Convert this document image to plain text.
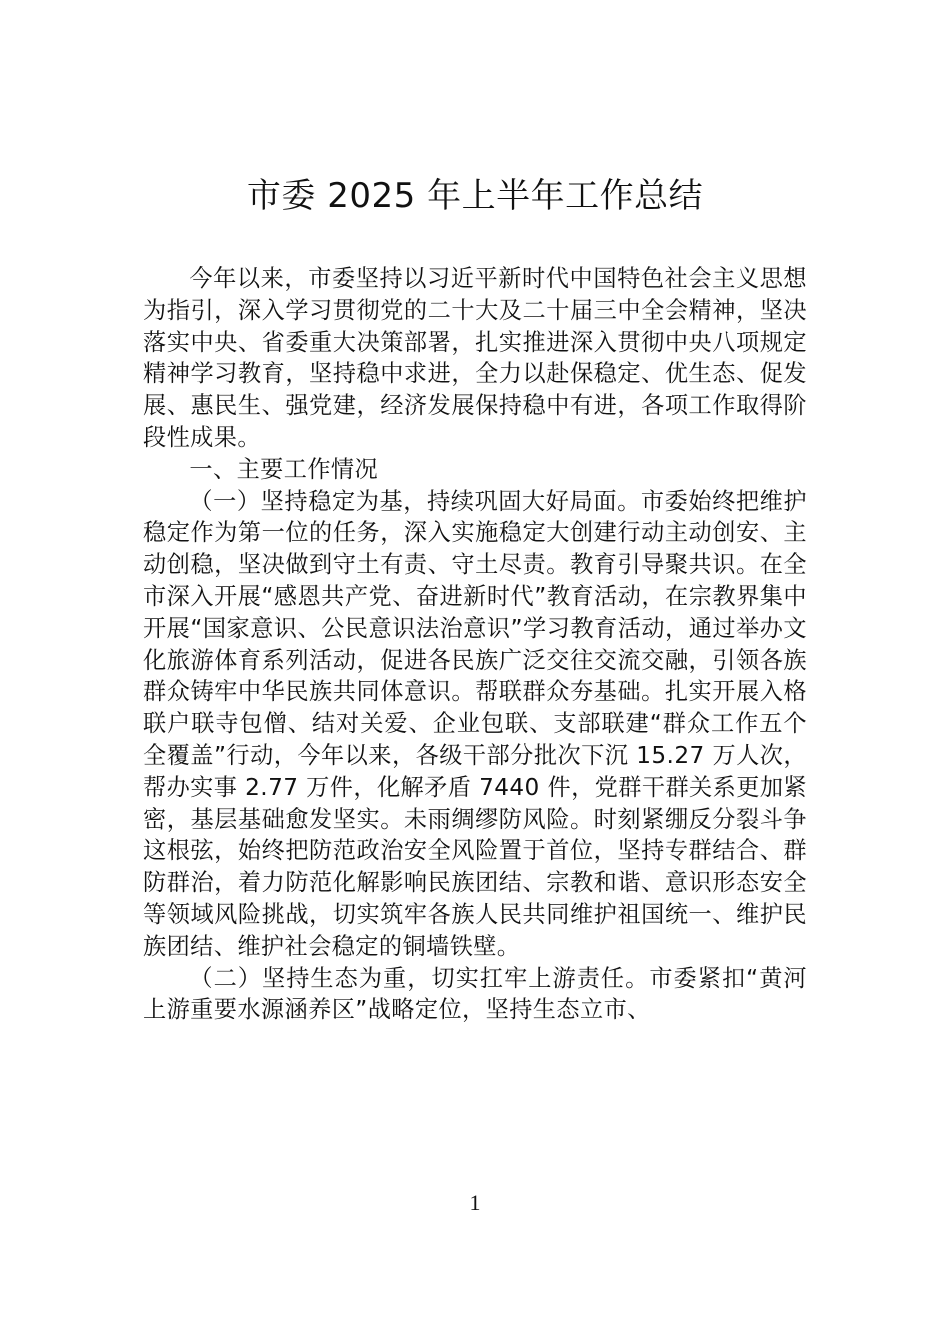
市委 2025 年上半年工作总结

今年以来，市委坚持以习近平新时代中国特色社会主义思想为指引，深入学习贯彻党的二十大及二十届三中全会精神，坚决落实中央、省委重大决策部署，扎实推进深入贯彻中央八项规定精神学习教育，坚持稳中求进，全力以赴保稳定、优生态、促发展、惠民生、强党建，经济发展保持稳中有进，各项工作取得阶段性成果。

一、主要工作情况

（一）坚持稳定为基，持续巩固大好局面。市委始终把维护稳定作为第一位的任务，深入实施稳定大创建行动主动创安、主动创稳，坚决做到守土有责、守土尽责。教育引导聚共识。在全市深入开展“感恩共产党、奋进新时代”教育活动，在宗教界集中开展“国家意识、公民意识法治意识”学习教育活动，通过举办文化旅游体育系列活动，促进各民族广泛交往交流交融，引领各族群众铸牢中华民族共同体意识。帮联群众夯基础。扎实开展入格联户联寺包僧、结对关爱、企业包联、支部联建“群众工作五个全覆盖”行动，今年以来，各级干部分批次下沉 15.27 万人次，帮办实事 2.77 万件，化解矛盾 7440 件，党群干群关系更加紧密，基层基础愈发坚实。未雨绸缪防风险。时刻紧绷反分裂斗争这根弦，始终把防范政治安全风险置于首位，坚持专群结合、群防群治，着力防范化解影响民族团结、宗教和谐、意识形态安全等领域风险挑战，切实筑牢各族人民共同维护祖国统一、维护民族团结、维护社会稳定的铜墙铁壁。

（二）坚持生态为重，切实扛牢上游责任。市委紧扣“黄河上游重要水源涵养区”战略定位，坚持生态立市、

1
